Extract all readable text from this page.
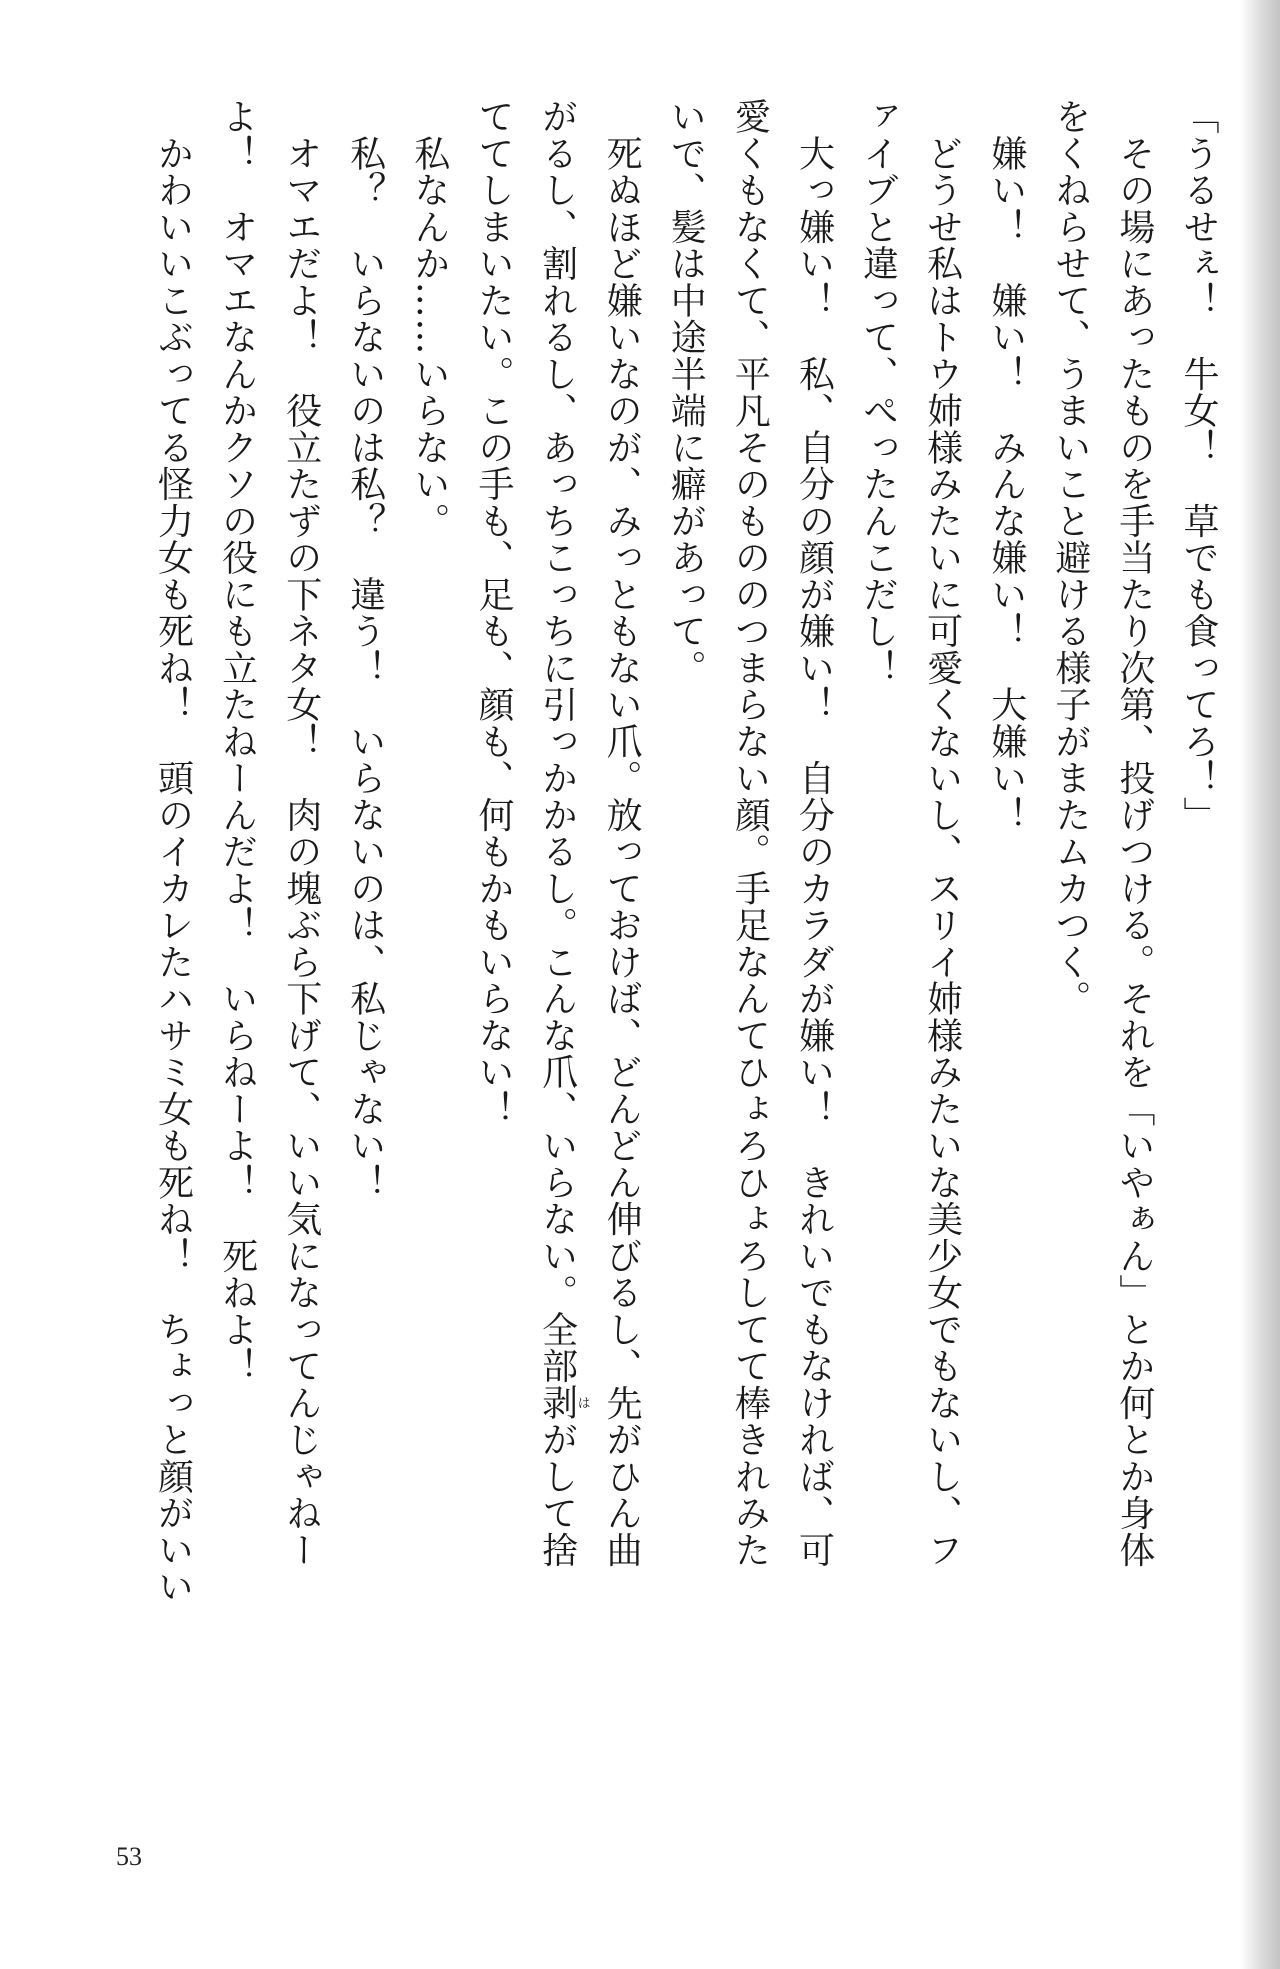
「うるせぇ！　牛女！　草でも食ってろ！」
　その場にあったものを手当たり次第、投げつける。それを「いやぁん」とか何とか身体
をくねらせて、うまいこと避ける様子がまたムカつく。
　嫌い！　嫌い！　みんな嫌い！　大嫌い！
　どうせ私はトウ姉様みたいに可愛くないし、スリイ姉様みたいな美少女でもないし、フ
ァイブと違って、ぺったんこだし！
　大っ嫌い！　私、自分の顔が嫌い！　自分のカラダが嫌い！　きれいでもなければ、可
愛くもなくて、平凡そのもののつまらない顔。手足なんてひょろひょろしてて棒きれみた
いで、髪は中途半端に癖があって。
　死ぬほど嫌いなのが、みっともない爪。放っておけば、どんどん伸びるし、先がひん曲
がるし、割れるし、あっちこっちに引っかかるし。こんな爪、いらない。全部剥はがして捨
ててしまいたい。この手も、足も、顔も、何もかもいらない！
　私なんか……いらない。
　私？　いらないのは私？　違う！　いらないのは、私じゃない！
　オマエだよ！　役立たずの下ネタ女！　肉の塊ぶら下げて、いい気になってんじゃねー
よ！　オマエなんかクソの役にも立たねーんだよ！　いらねーよ！　死ねよ！
　かわいいこぶってる怪力女も死ね！　頭のイカレたハサミ女も死ね！　ちょっと顔がいい
53
